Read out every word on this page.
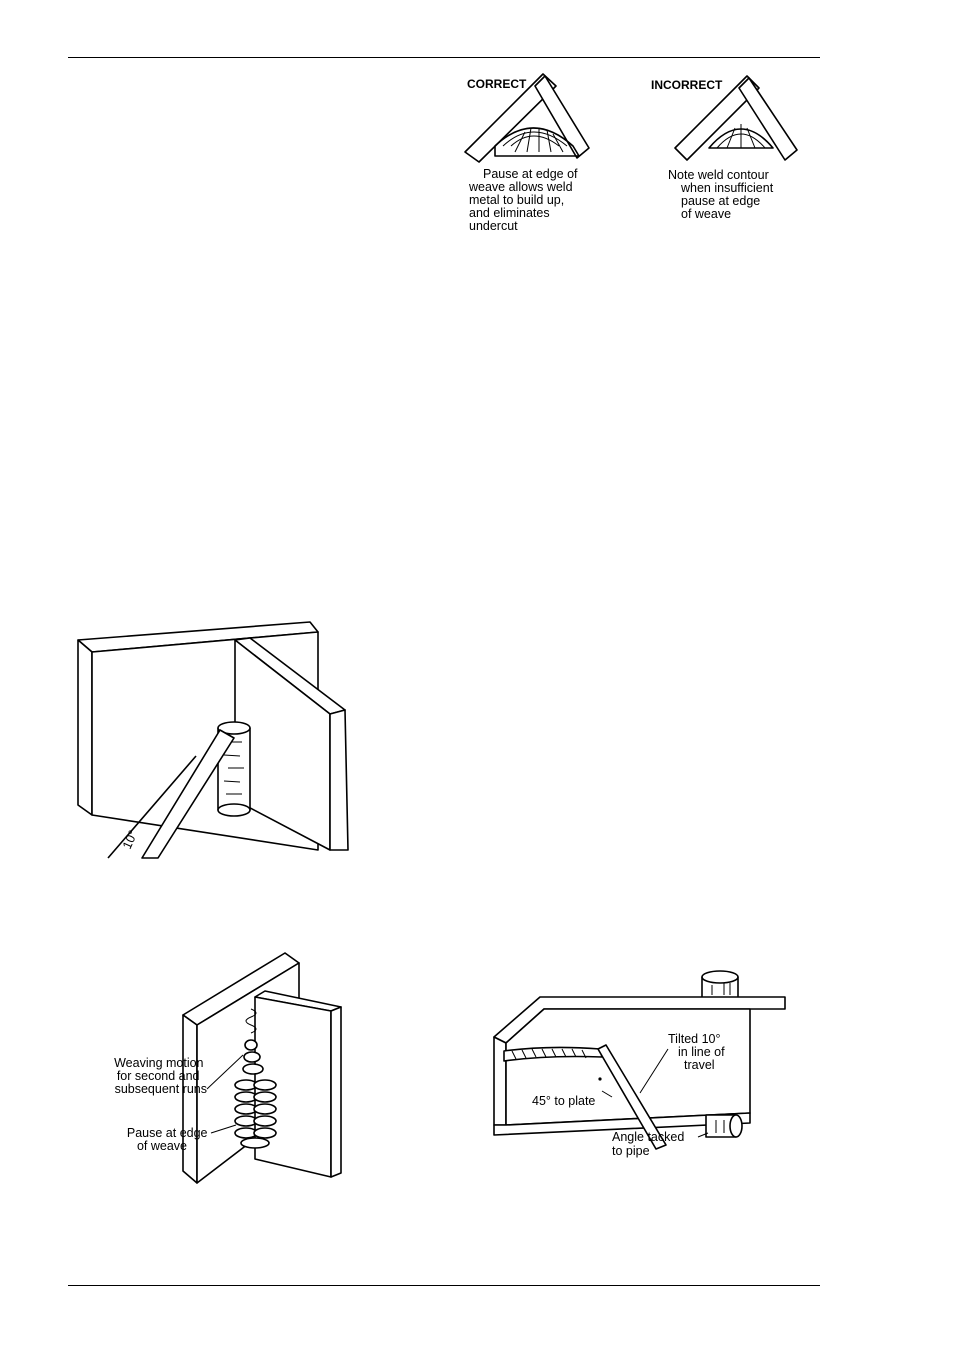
CORRECT
Pause at edge of weave allows weld metal to build up, and eliminates undercut
INCORRECT
Note weld contour when insufficient pause at edge of weave
10°
Weaving motion for second and subsequent runs
Pause at edge of weave
Tilted 10° in line of travel
45° to plate
Angle tacked to pipe
